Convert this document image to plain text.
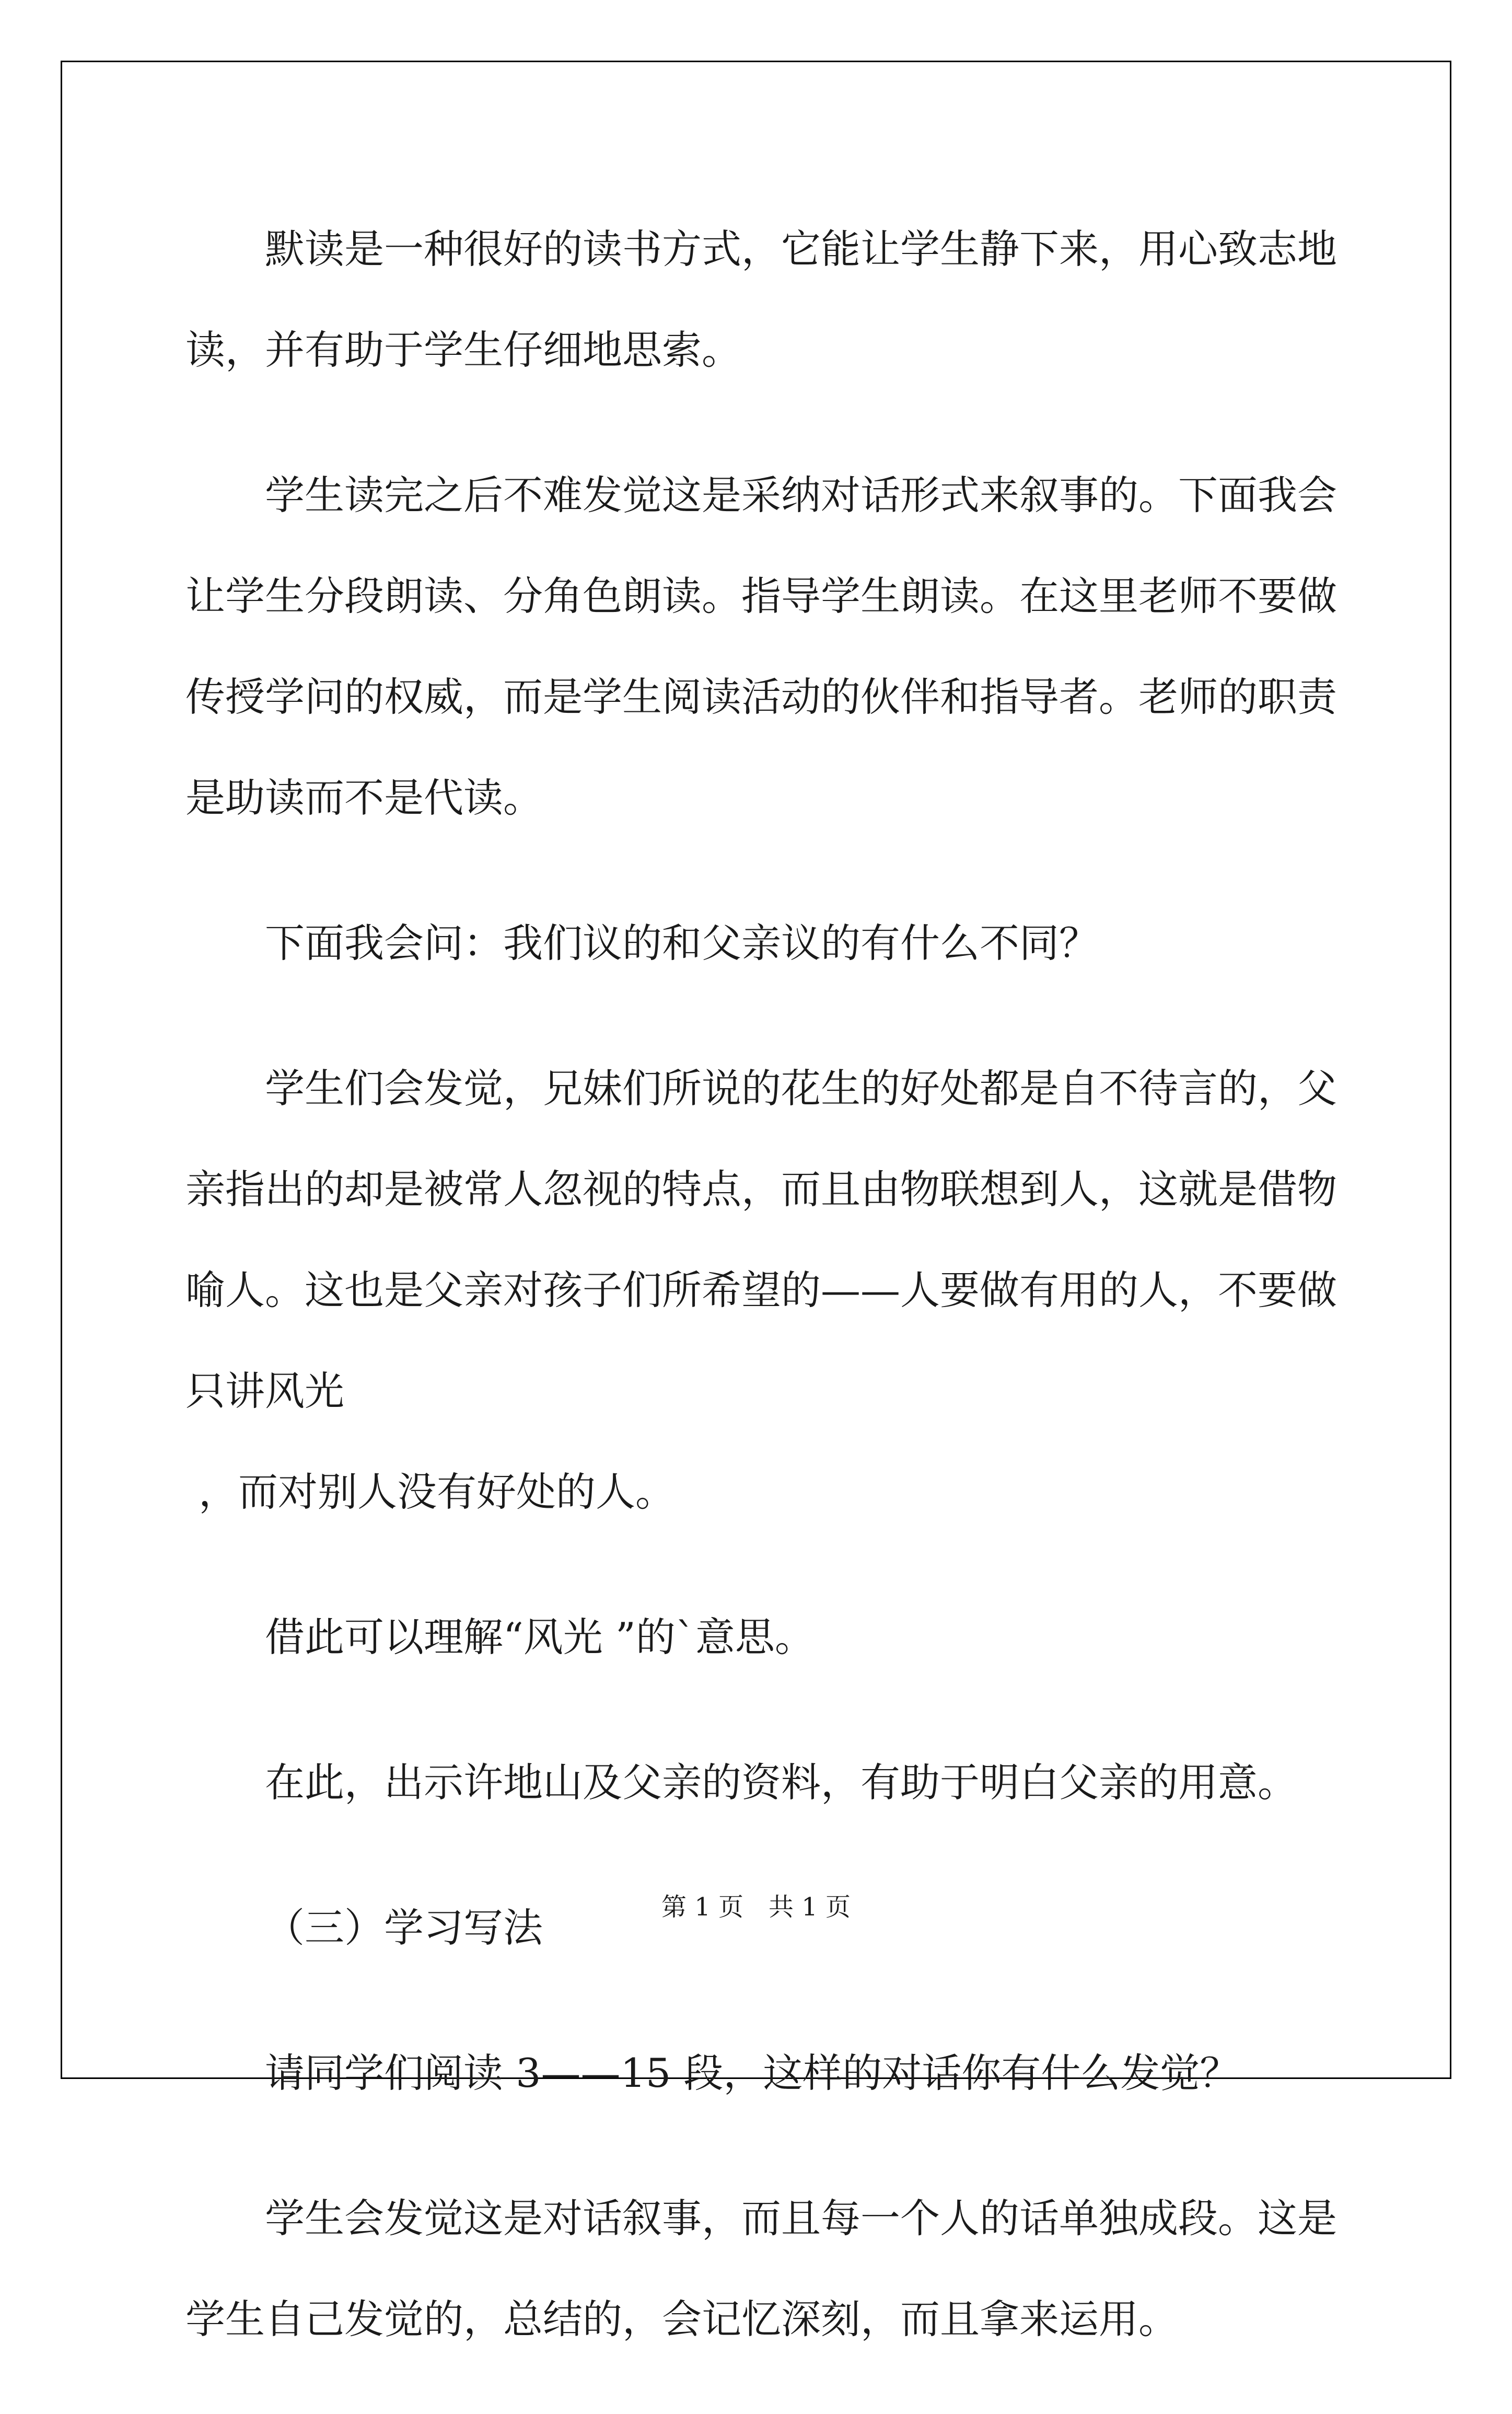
默读是一种很好的读书方式，它能让学生静下来，用心致志地读，并有助于学生仔细地思索。

学生读完之后不难发觉这是采纳对话形式来叙事的。下面我会让学生分段朗读、分角色朗读。指导学生朗读。在这里老师不要做传授学问的权威，而是学生阅读活动的伙伴和指导者。老师的职责是助读而不是代读。

下面我会问：我们议的和父亲议的有什么不同？

学生们会发觉，兄妹们所说的花生的好处都是自不待言的，父亲指出的却是被常人忽视的特点，而且由物联想到人，这就是借物喻人。这也是父亲对孩子们所希望的——人要做有用的人，不要做只讲风光

，而对别人没有好处的人。

借此可以理解“风光 ”的`意思。

在此，出示许地山及父亲的资料，有助于明白父亲的用意。

（三）学习写法

请同学们阅读 3——15 段，这样的对话你有什么发觉？

学生会发觉这是对话叙事，而且每一个人的话单独成段。这是学生自己发觉的，总结的，会记忆深刻，而且拿来运用。

第 1 页　共 1 页
